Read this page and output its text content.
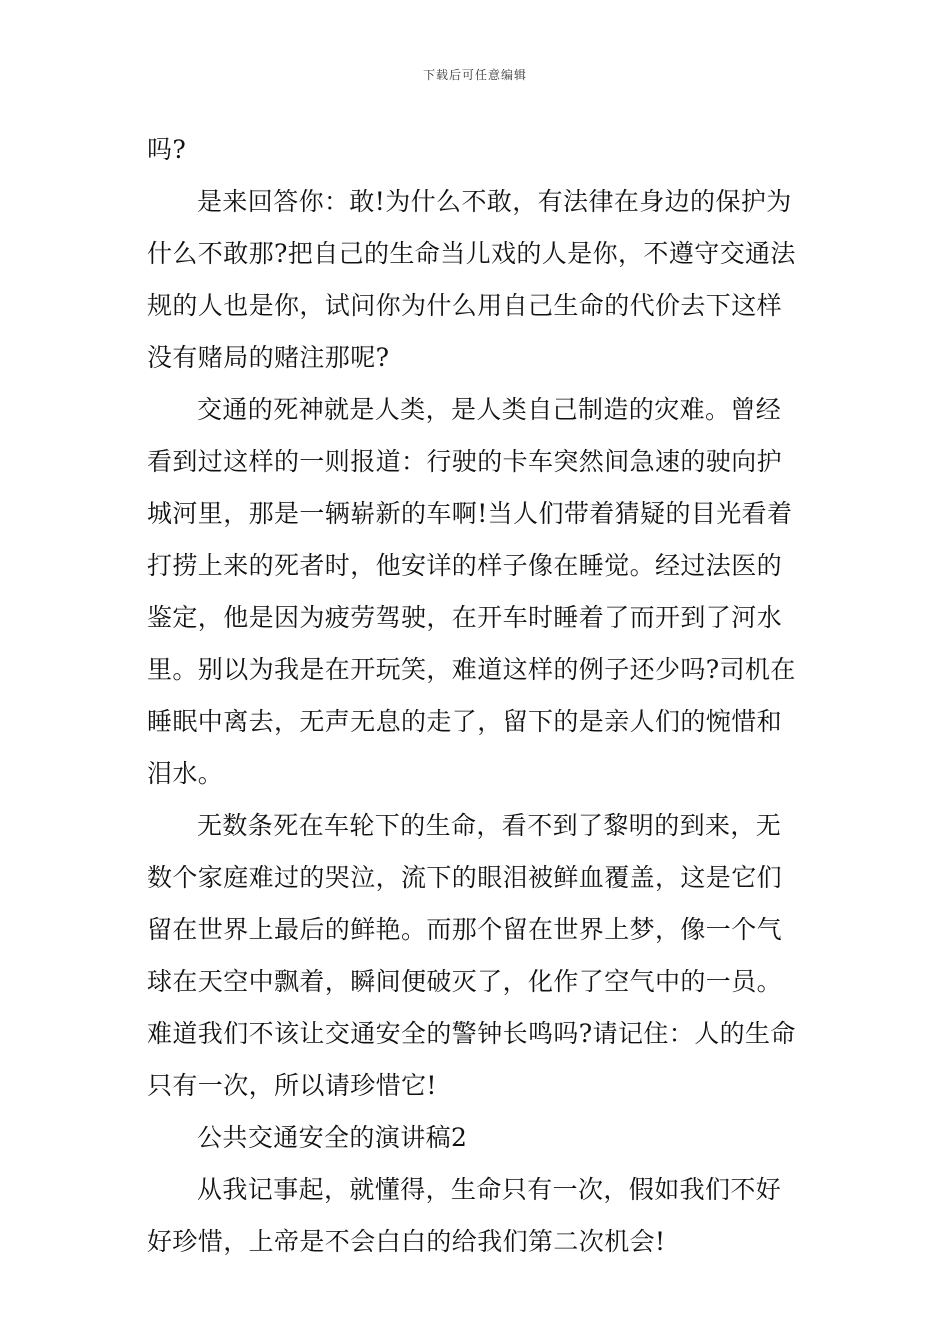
下载后可任意编辑
吗?
是来回答你：敢!为什么不敢，有法律在身边的保护为
什么不敢那?把自己的生命当儿戏的人是你，不遵守交通法
规的人也是你，试问你为什么用自己生命的代价去下这样
没有赌局的赌注那呢?
交通的死神就是人类，是人类自己制造的灾难。曾经
看到过这样的一则报道：行驶的卡车突然间急速的驶向护
城河里，那是一辆崭新的车啊!当人们带着猜疑的目光看着
打捞上来的死者时，他安详的样子像在睡觉。经过法医的
鉴定，他是因为疲劳驾驶，在开车时睡着了而开到了河水
里。别以为我是在开玩笑，难道这样的例子还少吗?司机在
睡眠中离去，无声无息的走了，留下的是亲人们的惋惜和
泪水。
无数条死在车轮下的生命，看不到了黎明的到来，无
数个家庭难过的哭泣，流下的眼泪被鲜血覆盖，这是它们
留在世界上最后的鲜艳。而那个留在世界上梦，像一个气
球在天空中飘着，瞬间便破灭了，化作了空气中的一员。
难道我们不该让交通安全的警钟长鸣吗?请记住：人的生命
只有一次，所以请珍惜它!
公共交通安全的演讲稿2
从我记事起，就懂得，生命只有一次，假如我们不好
好珍惜，上帝是不会白白的给我们第二次机会!
